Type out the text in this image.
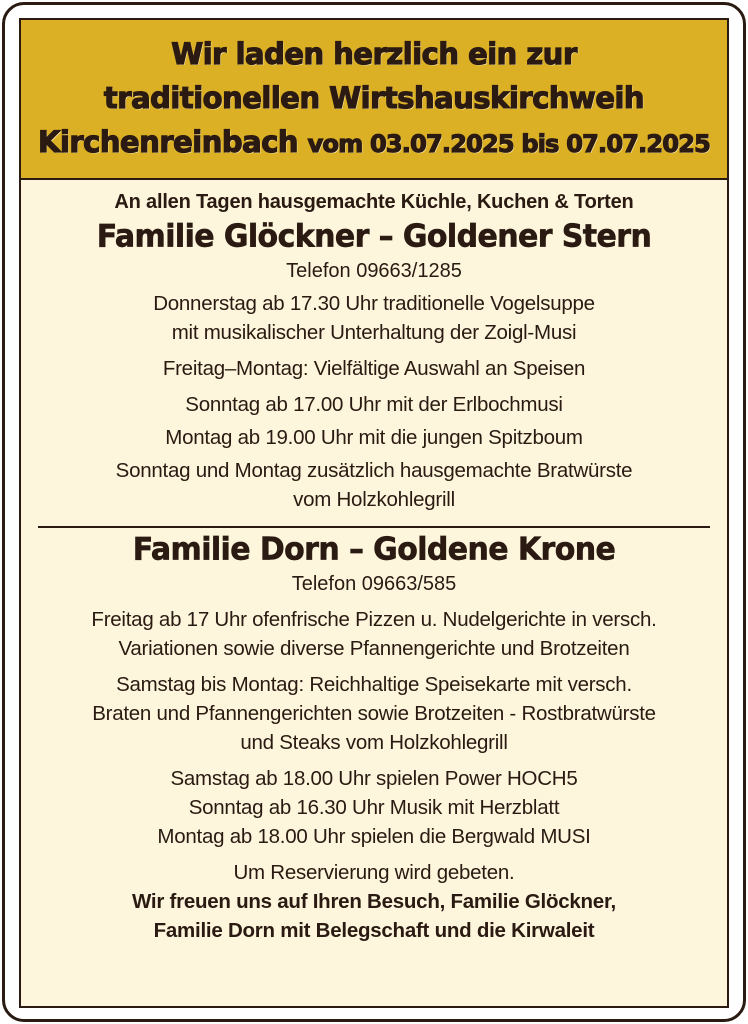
Wir laden herzlich ein zur
traditionellen Wirtshauskirchweih
Kirchenreinbach vom 03.07.2025 bis 07.07.2025
An allen Tagen hausgemachte Küchle, Kuchen & Torten
Familie Glöckner – Goldener Stern
Telefon 09663/1285
Donnerstag ab 17.30 Uhr traditionelle Vogelsuppe
mit musikalischer Unterhaltung der Zoigl-Musi
Freitag–Montag: Vielfältige Auswahl an Speisen
Sonntag ab 17.00 Uhr mit der Erlbochmusi
Montag ab 19.00 Uhr mit die jungen Spitzboum
Sonntag und Montag zusätzlich hausgemachte Bratwürste
vom Holzkohlegrill
Familie Dorn – Goldene Krone
Telefon 09663/585
Freitag ab 17 Uhr ofenfrische Pizzen u. Nudelgerichte in versch.
Variationen sowie diverse Pfannengerichte und Brotzeiten
Samstag bis Montag: Reichhaltige Speisekarte mit versch.
Braten und Pfannengerichten sowie Brotzeiten - Rostbratwürste
und Steaks vom Holzkohlegrill
Samstag ab 18.00 Uhr spielen Power HOCH5
Sonntag ab 16.30 Uhr Musik mit Herzblatt
Montag ab 18.00 Uhr spielen die Bergwald MUSI
Um Reservierung wird gebeten.
Wir freuen uns auf Ihren Besuch, Familie Glöckner,
Familie Dorn mit Belegschaft und die Kirwaleit
